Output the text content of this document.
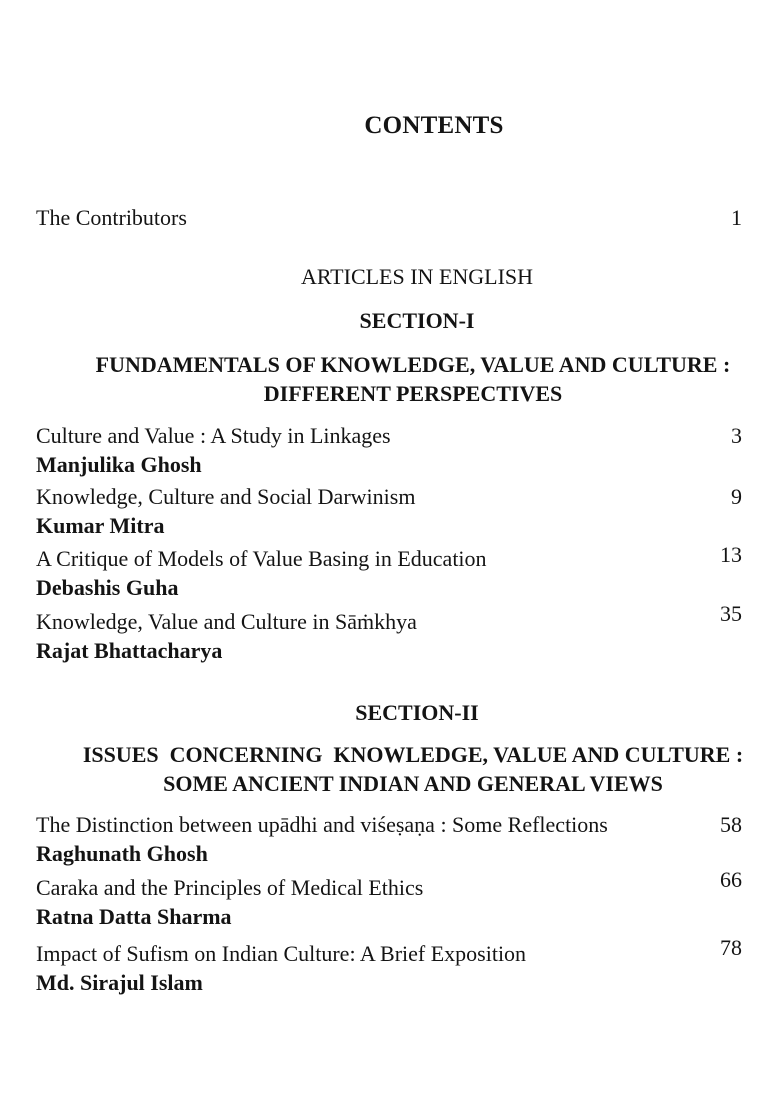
CONTENTS
The Contributors	1
ARTICLES IN ENGLISH
SECTION-I
FUNDAMENTALS OF KNOWLEDGE, VALUE AND CULTURE :
DIFFERENT PERSPECTIVES
Culture and Value : A Study in Linkages	3
Manjulika Ghosh
Knowledge, Culture and Social Darwinism	9
Kumar Mitra
A Critique of Models of Value Basing in Education	13
Debashis Guha
Knowledge, Value and Culture in Sāṁkhya	35
Rajat Bhattacharya
SECTION-II
ISSUES  CONCERNING  KNOWLEDGE, VALUE AND CULTURE :
SOME ANCIENT INDIAN AND GENERAL VIEWS
The Distinction between upādhi and viśeṣaṇa : Some Reflections	58
Raghunath Ghosh
Caraka and the Principles of Medical Ethics	66
Ratna Datta Sharma
Impact of Sufism on Indian Culture: A Brief Exposition	78
Md. Sirajul Islam
